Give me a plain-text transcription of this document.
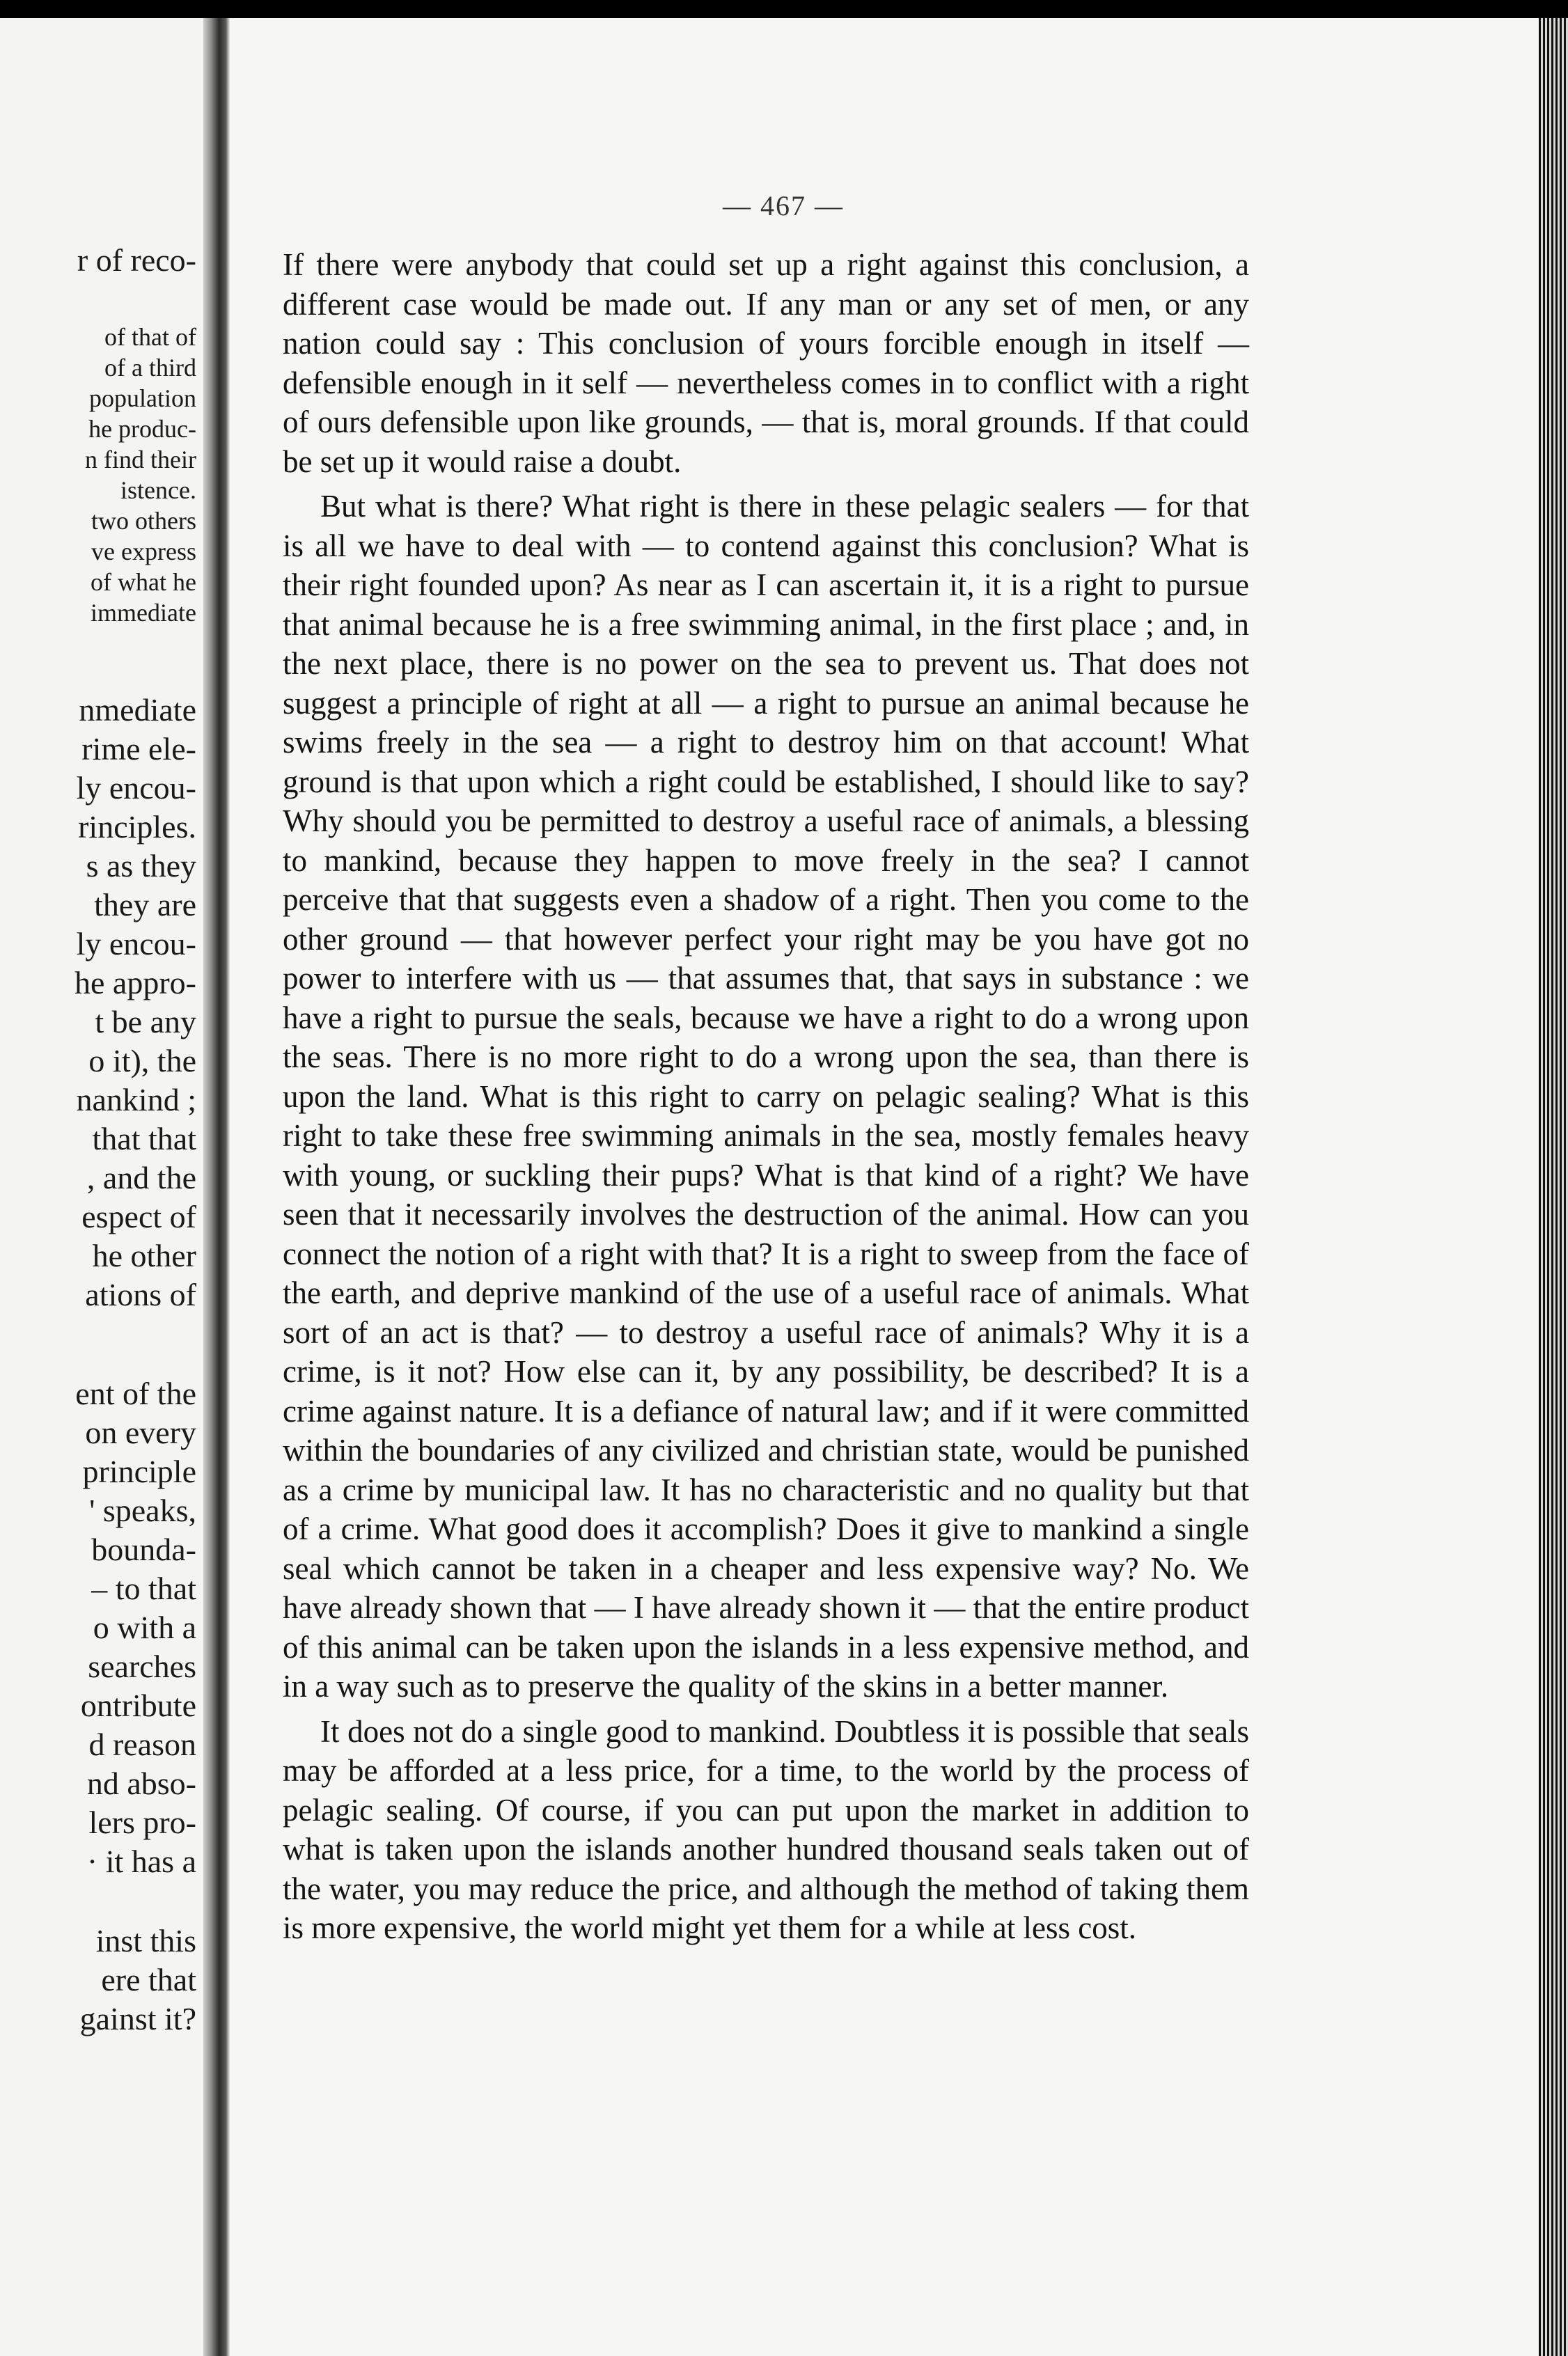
r of reco-
of that of
of a third
population
he produc-
n find their
istence.
two others
ve express
of what he
immediate
nmediate
rime ele-
ly encou-
rinciples.
s as they
they are
ly encou-
he appro-
t be any
o it), the
nankind ;
that that
, and the
espect of
he other
ations of
ent of the
on every
principle
' speaks,
bounda-
– to that
o with a
searches
ontribute
d reason
nd abso-
lers pro-
· it has a
inst this
ere that
gainst it?
— 467 —

If there were anybody that could set up a right against this conclusion, a different case would be made out. If any man or any set of men, or any nation could say : This conclusion of yours forcible enough in itself — defensible enough in it self — nevertheless comes in to conflict with a right of ours defensible upon like grounds, — that is, moral grounds. If that could be set up it would raise a doubt.

But what is there? What right is there in these pelagic sealers — for that is all we have to deal with — to contend against this conclusion? What is their right founded upon? As near as I can ascertain it, it is a right to pursue that animal because he is a free swimming animal, in the first place ; and, in the next place, there is no power on the sea to prevent us. That does not suggest a principle of right at all — a right to pursue an animal because he swims freely in the sea — a right to destroy him on that account! What ground is that upon which a right could be established, I should like to say? Why should you be permitted to destroy a useful race of animals, a blessing to mankind, because they happen to move freely in the sea? I cannot perceive that that suggests even a shadow of a right. Then you come to the other ground — that however perfect your right may be you have got no power to interfere with us — that assumes that, that says in substance : we have a right to pursue the seals, because we have a right to do a wrong upon the seas. There is no more right to do a wrong upon the sea, than there is upon the land. What is this right to carry on pelagic sealing? What is this right to take these free swimming animals in the sea, mostly females heavy with young, or suckling their pups? What is that kind of a right? We have seen that it necessarily involves the destruction of the animal. How can you connect the notion of a right with that? It is a right to sweep from the face of the earth, and deprive mankind of the use of a useful race of animals. What sort of an act is that? — to destroy a useful race of animals? Why it is a crime, is it not? How else can it, by any possibility, be described? It is a crime against nature. It is a defiance of natural law; and if it were committed within the boundaries of any civilized and christian state, would be punished as a crime by municipal law. It has no characteristic and no quality but that of a crime. What good does it accomplish? Does it give to mankind a single seal which cannot be taken in a cheaper and less expensive way? No. We have already shown that — I have already shown it — that the entire product of this animal can be taken upon the islands in a less expensive method, and in a way such as to preserve the quality of the skins in a better manner.

It does not do a single good to mankind. Doubtless it is possible that seals may be afforded at a less price, for a time, to the world by the process of pelagic sealing. Of course, if you can put upon the market in addition to what is taken upon the islands another hundred thousand seals taken out of the water, you may reduce the price, and although the method of taking them is more expensive, the world might yet them for a while at less cost.
